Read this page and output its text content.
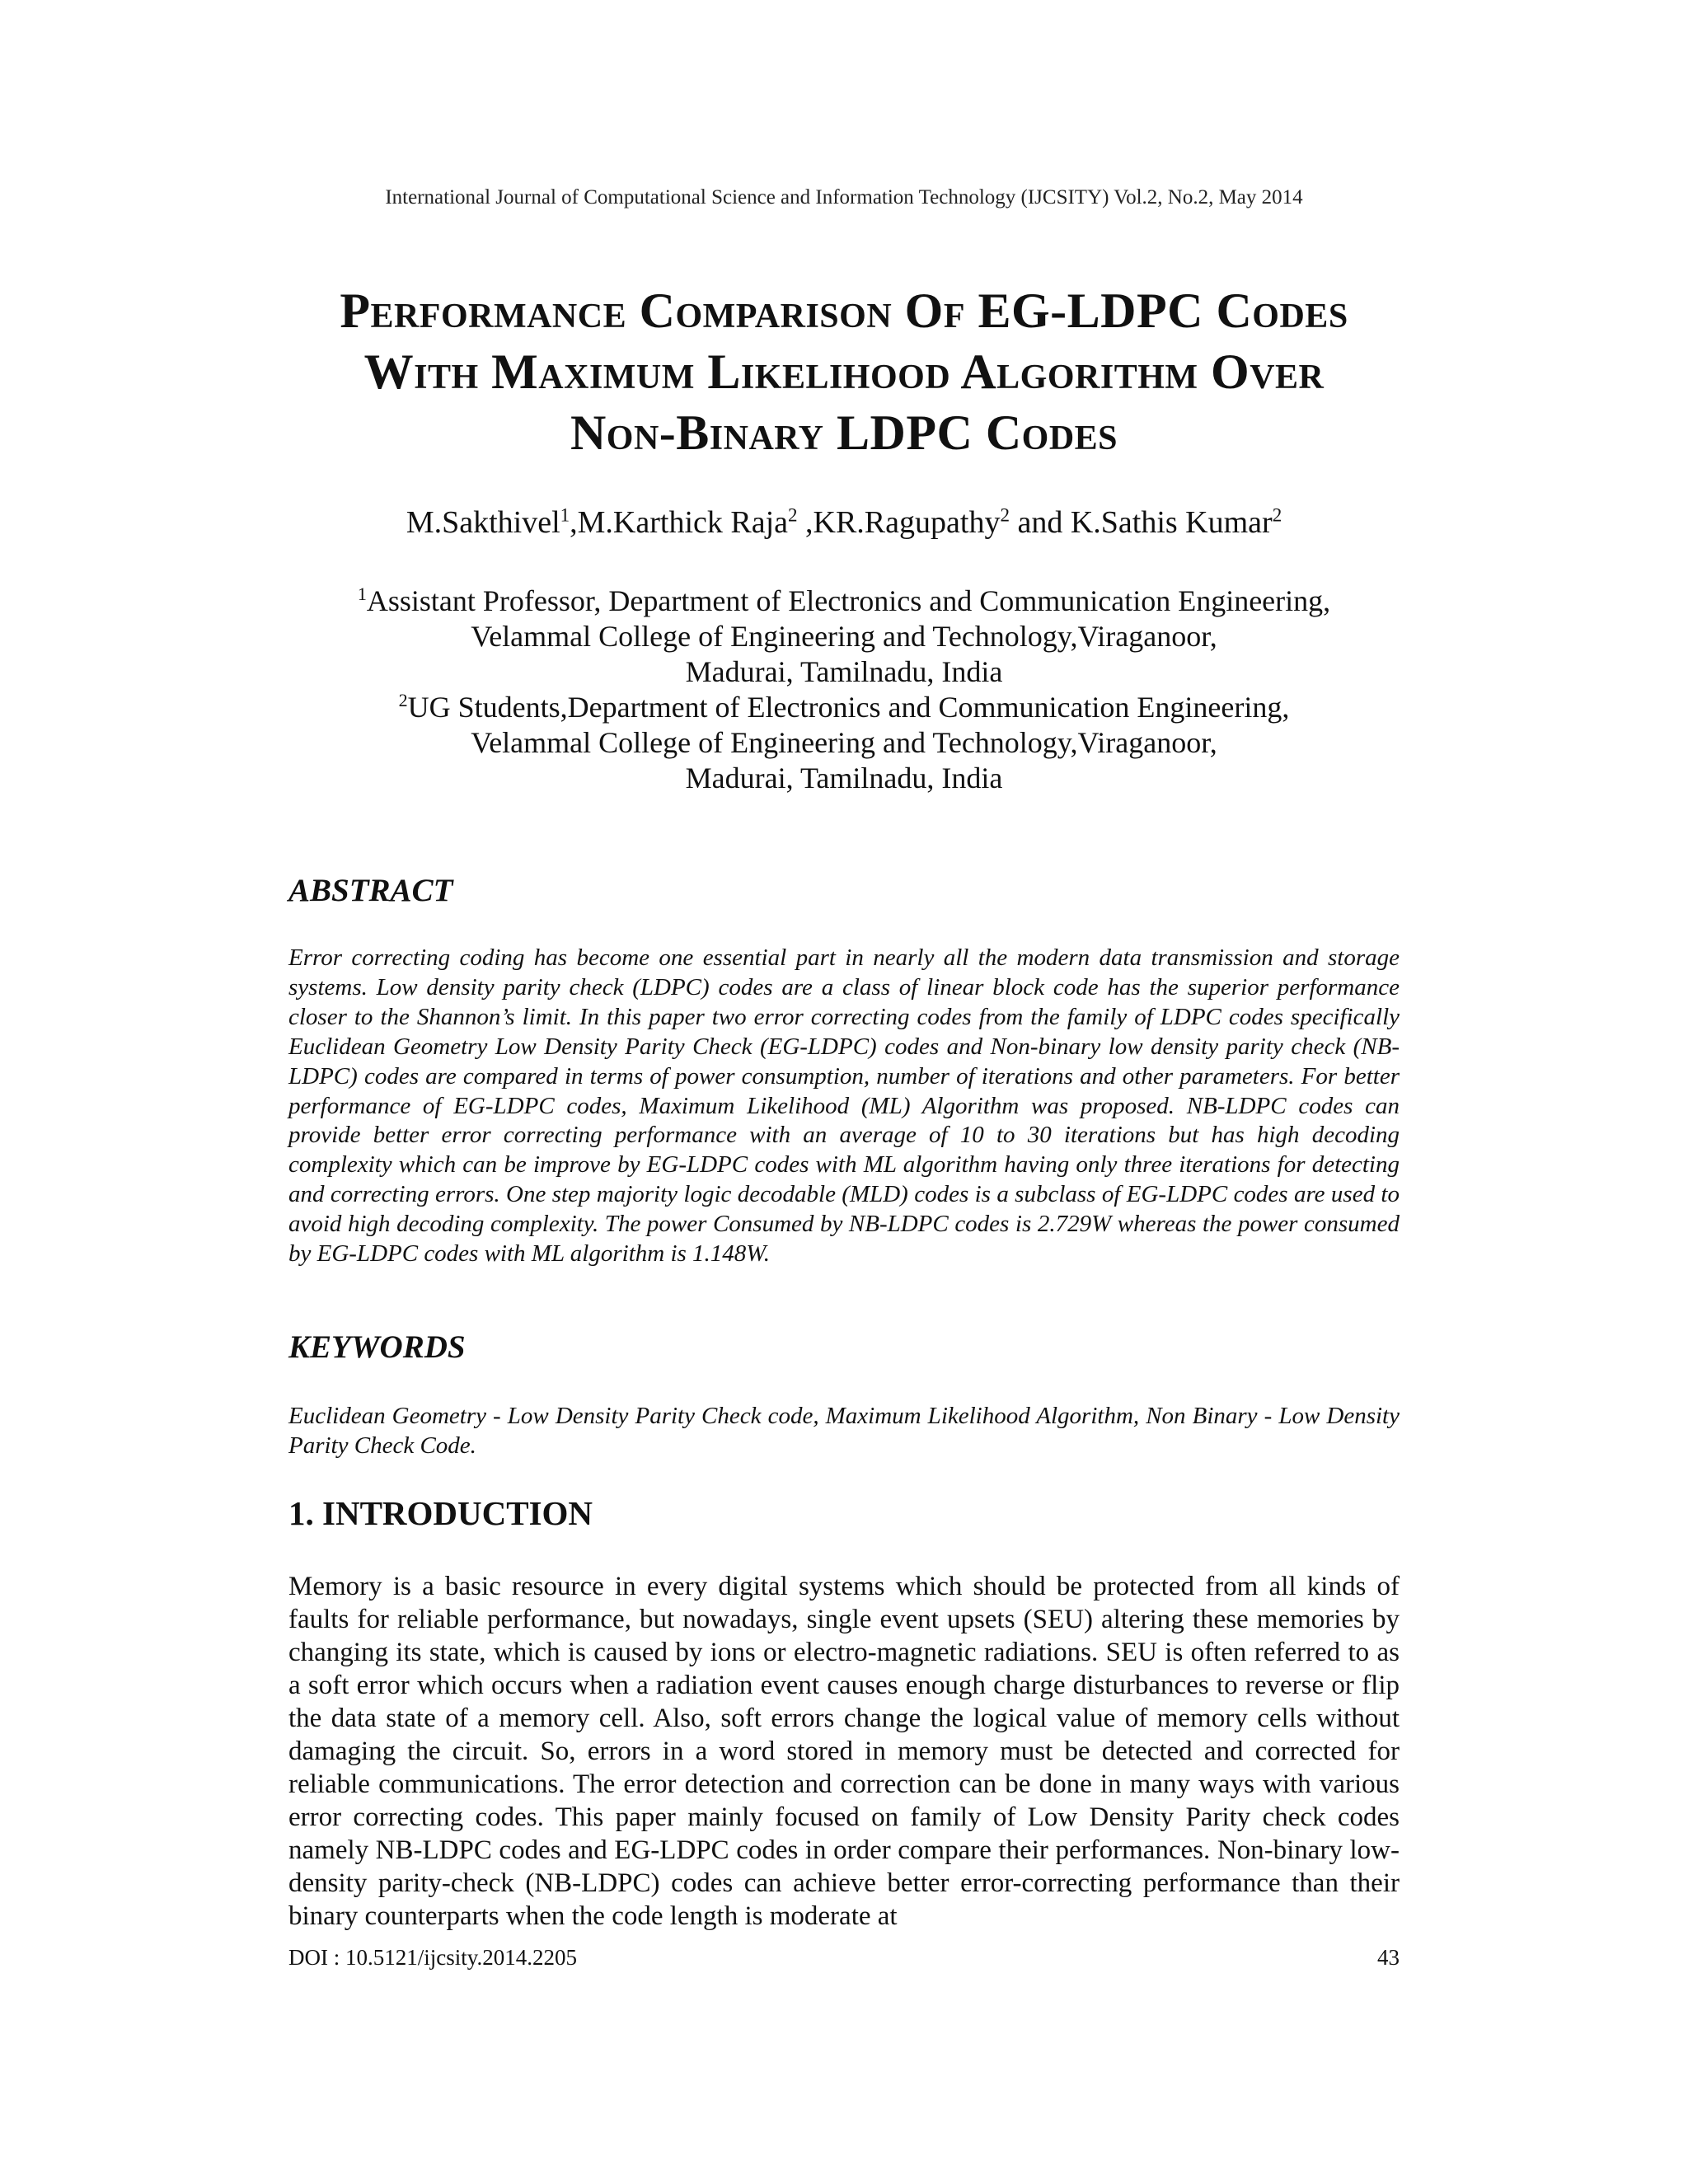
International Journal of Computational Science and Information Technology (IJCSITY) Vol.2, No.2, May 2014
Performance Comparison Of EG-LDPC Codes
With Maximum Likelihood Algorithm Over
Non-Binary LDPC Codes
M.Sakthivel$^1$,M.Karthick Raja$^2$ ,KR.Ragupathy$^2$ and K.Sathis Kumar$^2$
$^1$Assistant Professor, Department of Electronics and Communication Engineering,
Velammal College of Engineering and Technology,Viraganoor,
Madurai, Tamilnadu, India
$^2$UG Students,Department of Electronics and Communication Engineering,
Velammal College of Engineering and Technology,Viraganoor,
Madurai, Tamilnadu, India
ABSTRACT
Error correcting coding has become one essential part in nearly all the modern data transmission and storage systems. Low density parity check (LDPC) codes are a class of linear block code has the superior performance closer to the Shannon’s limit. In this paper two error correcting codes from the family of LDPC codes specifically Euclidean Geometry Low Density Parity Check (EG-LDPC) codes and Non-binary low density parity check (NB-LDPC) codes are compared in terms of power consumption, number of iterations and other parameters. For better performance of EG-LDPC codes, Maximum Likelihood (ML) Algorithm was proposed. NB-LDPC codes can provide better error correcting performance with an average of 10 to 30 iterations but has high decoding complexity which can be improve by EG-LDPC codes with ML algorithm having only three iterations for detecting and correcting errors. One step majority logic decodable (MLD) codes is a subclass of EG-LDPC codes are used to avoid high decoding complexity. The power Consumed by NB-LDPC codes is 2.729W whereas the power consumed by EG-LDPC codes with ML algorithm is 1.148W.
KEYWORDS
Euclidean Geometry - Low Density Parity Check code, Maximum Likelihood Algorithm, Non Binary - Low Density Parity Check Code.
1. INTRODUCTION
Memory is a basic resource in every digital systems which should be protected from all kinds of faults for reliable performance, but nowadays, single event upsets (SEU) altering these memories by changing its state, which is caused by ions or electro-magnetic radiations. SEU is often referred to as a soft error which occurs when a radiation event causes enough charge disturbances to reverse or flip the data state of a memory cell. Also, soft errors change the logical value of memory cells without damaging the circuit. So, errors in a word stored in memory must be detected and corrected for reliable communications. The error detection and correction can be done in many ways with various error correcting codes. This paper mainly focused on family of Low Density Parity check codes namely NB-LDPC codes and EG-LDPC codes in order compare their performances. Non-binary low-density parity-check (NB-LDPC) codes can achieve better error-correcting performance than their binary counterparts when the code length is moderate at
DOI : 10.5121/ijcsity.2014.2205	43
